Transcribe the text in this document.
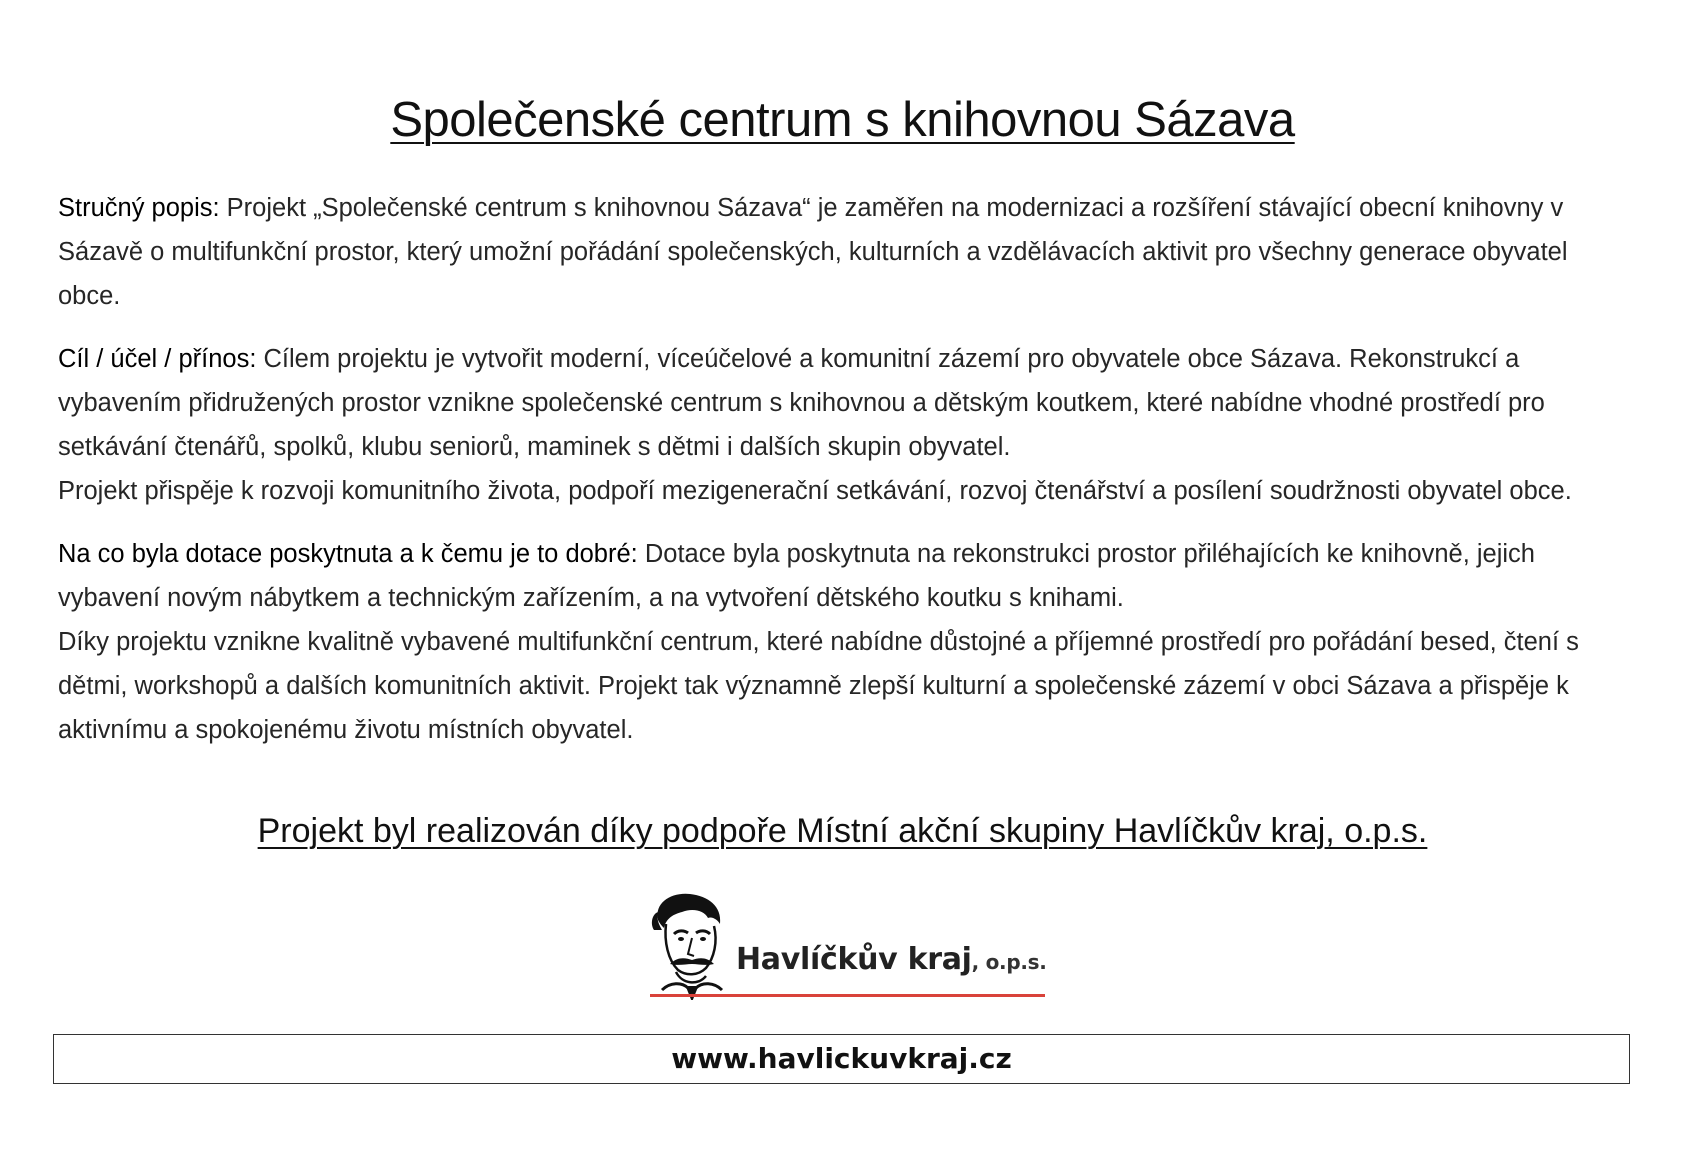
Společenské centrum s knihovnou Sázava

Stručný popis: Projekt „Společenské centrum s knihovnou Sázava“ je zaměřen na modernizaci a rozšíření stávající obecní knihovny v Sázavě o multifunkční prostor, který umožní pořádání společenských, kulturních a vzdělávacích aktivit pro všechny generace obyvatel obce.

Cíl / účel / přínos: Cílem projektu je vytvořit moderní, víceúčelové a komunitní zázemí pro obyvatele obce Sázava. Rekonstrukcí a vybavením přidružených prostor vznikne společenské centrum s knihovnou a dětským koutkem, které nabídne vhodné prostředí pro setkávání čtenářů, spolků, klubu seniorů, maminek s dětmi i dalších skupin obyvatel.

Projekt přispěje k rozvoji komunitního života, podpoří mezigenerační setkávání, rozvoj čtenářství a posílení soudržnosti obyvatel obce.

Na co byla dotace poskytnuta a k čemu je to dobré: Dotace byla poskytnuta na rekonstrukci prostor přiléhajících ke knihovně, jejich vybavení novým nábytkem a technickým zařízením, a na vytvoření dětského koutku s knihami.

Díky projektu vznikne kvalitně vybavené multifunkční centrum, které nabídne důstojné a příjemné prostředí pro pořádání besed, čtení s dětmi, workshopů a dalších komunitních aktivit. Projekt tak významně zlepší kulturní a společenské zázemí v obci Sázava a přispěje k aktivnímu a spokojenému životu místních obyvatel.

Projekt byl realizován díky podpoře Místní akční skupiny Havlíčkův kraj, o.p.s.
Havlíčkův kraj, o.p.s.
www.havlickuvkraj.cz
